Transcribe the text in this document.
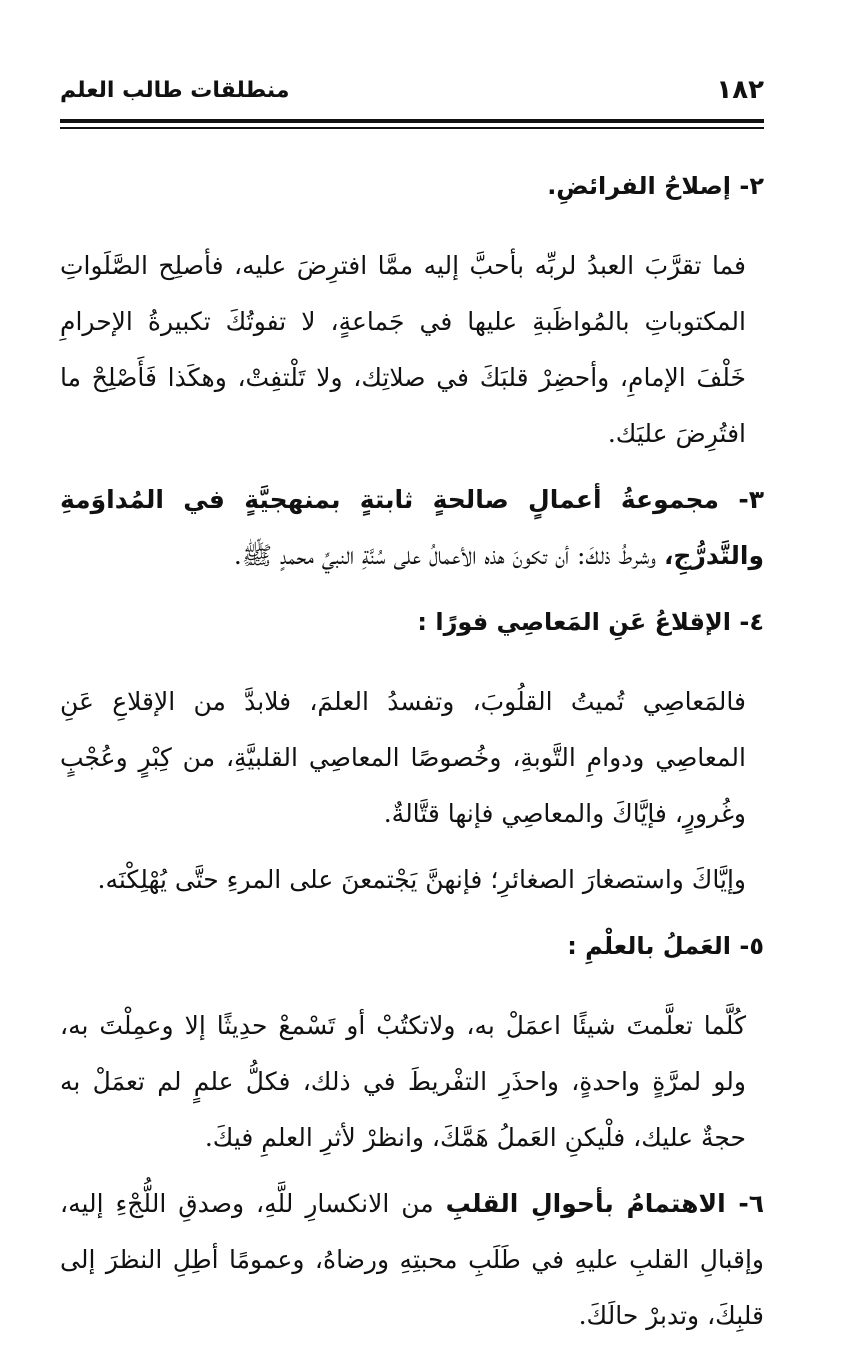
١٨٢
منطلقات طالب العلم

٢- إصلاحُ الفرائضِ.

فما تقرَّبَ العبدُ لربِّه بأحبَّ إليه ممَّا افترِضَ عليه، فأصلِح الصَّلَواتِ المكتوباتِ بالمُواظَبةِ عليها في جَماعةٍ، لا تفوتُكَ تكبيرةُ الإحرامِ خَلْفَ الإمامِ، وأحضِرْ قلبَكَ في صلاتِك، ولا تَلْتفِتْ، وهكَذا فَأَصْلِحْ ما افتُرِضَ عليَك.

٣- مجموعةُ أعمالٍ صالحةٍ ثابتةٍ بمنهجيَّةٍ في المُداوَمةِ والتَّدرُّجِ، وشرطُ ذلكَ: أن تكونَ هذه الأعمالُ على سُنَّةِ النبيِّ محمدٍ ﷺ.

٤- الإقلاعُ عَنِ المَعاصِي فورًا :

فالمَعاصِي تُميتُ القلُوبَ، وتفسدُ العلمَ، فلابدَّ من الإقلاعِ عَنِ المعاصِي ودوامِ التَّوبةِ، وخُصوصًا المعاصِي القلبيَّةِ، من كِبْرٍ وعُجْبٍ وغُرورٍ، فإيَّاكَ والمعاصِي فإنها قتَّالةٌ.

وإيَّاكَ واستصغارَ الصغائرِ؛ فإنهنَّ يَجْتمعنَ على المرءِ حتَّى يُهْلِكْنَه.

٥- العَملُ بالعلْمِ :

كُلَّما تعلَّمتَ شيئًا اعمَلْ به، ولاتكتُبْ أو تَسْمعْ حدِيثًا إلا وعمِلْتَ به، ولو لمرَّةٍ واحدةٍ، واحذَرِ التفْريطَ في ذلك، فكلُّ علمٍ لم تعمَلْ به حجةٌ عليك، فلْيكنِ العَملُ هَمَّكَ، وانظرْ لأثرِ العلمِ فيكَ.

٦- الاهتمامُ بأحوالِ القلبِ من الانكسارِ للَّهِ، وصدقِ اللُّجْءِ إليه، وإقبالِ القلبِ عليهِ في طَلَبِ محبتِهِ ورضاهُ، وعمومًا أطِلِ النظرَ إلى قلبِكَ، وتدبرْ حالَكَ.
